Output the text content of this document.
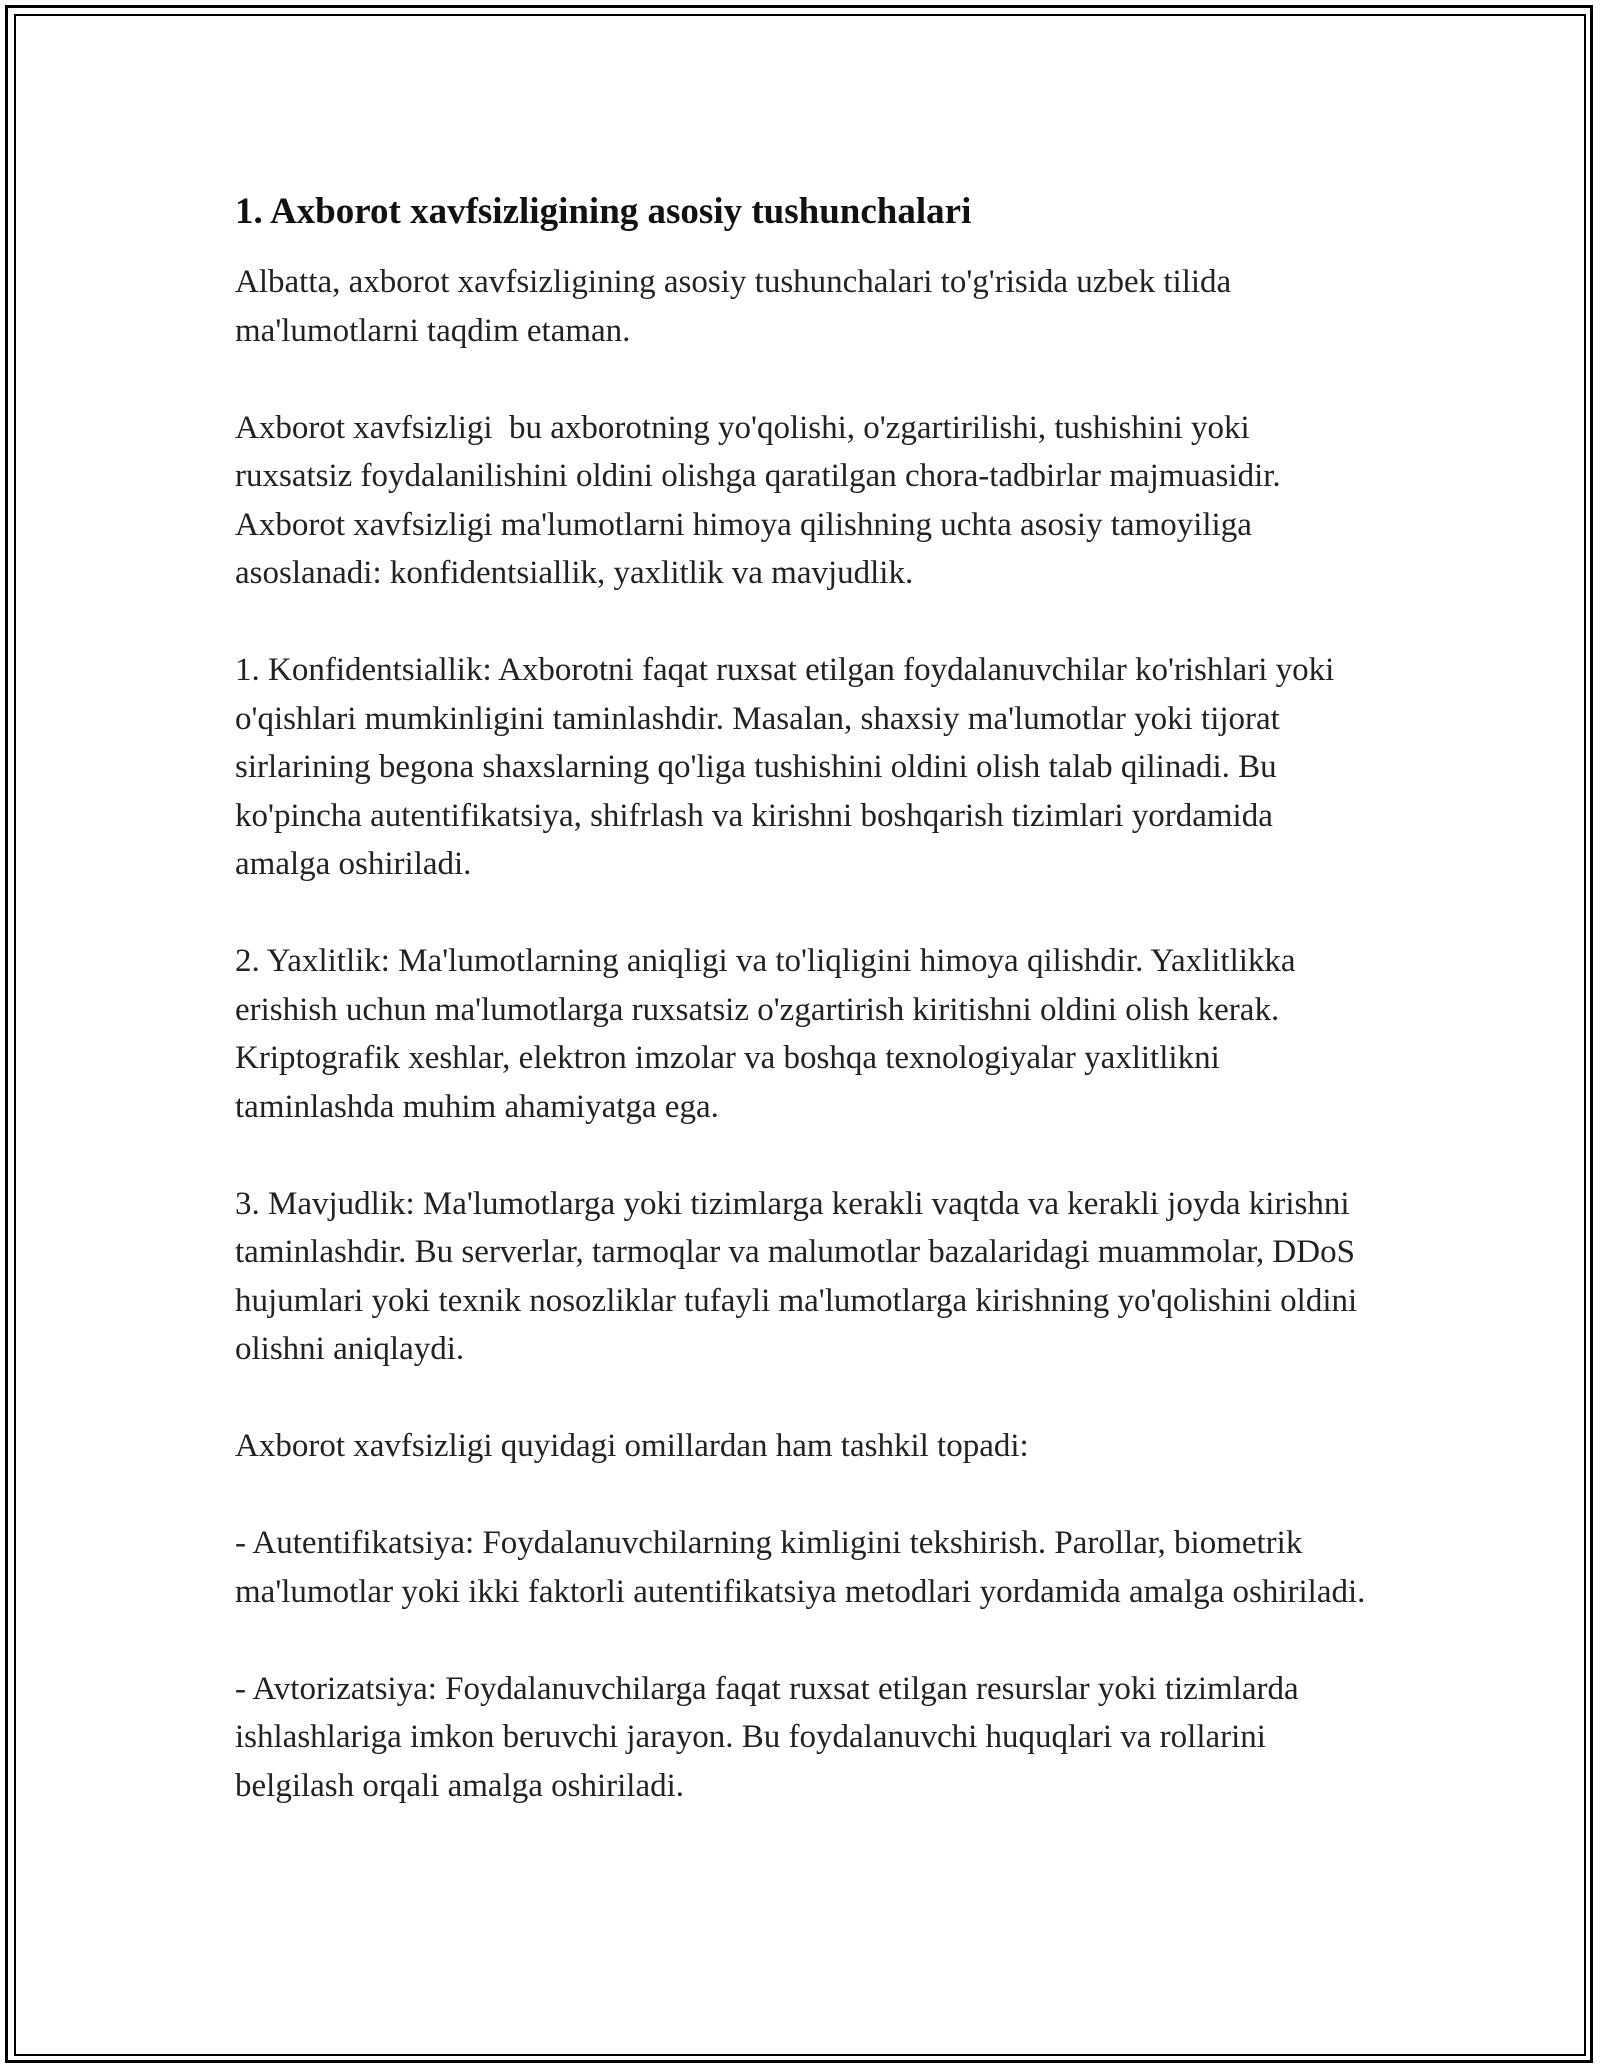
1. Axborot xavfsizligining asosiy tushunchalari

Albatta, axborot xavfsizligining asosiy tushunchalari to'g'risida uzbek tilida ma'lumotlarni taqdim etaman.

Axborot xavfsizligi  bu axborotning yo'qolishi, o'zgartirilishi, tushishini yoki ruxsatsiz foydalanilishini oldini olishga qaratilgan chora-tadbirlar majmuasidir. Axborot xavfsizligi ma'lumotlarni himoya qilishning uchta asosiy tamoyiliga asoslanadi: konfidentsiallik, yaxlitlik va mavjudlik.

1. Konfidentsiallik: Axborotni faqat ruxsat etilgan foydalanuvchilar ko'rishlari yoki o'qishlari mumkinligini taminlashdir. Masalan, shaxsiy ma'lumotlar yoki tijorat sirlarining begona shaxslarning qo'liga tushishini oldini olish talab qilinadi. Bu ko'pincha autentifikatsiya, shifrlash va kirishni boshqarish tizimlari yordamida amalga oshiriladi.

2. Yaxlitlik: Ma'lumotlarning aniqligi va to'liqligini himoya qilishdir. Yaxlitlikka erishish uchun ma'lumotlarga ruxsatsiz o'zgartirish kiritishni oldini olish kerak. Kriptografik xeshlar, elektron imzolar va boshqa texnologiyalar yaxlitlikni taminlashda muhim ahamiyatga ega.

3. Mavjudlik: Ma'lumotlarga yoki tizimlarga kerakli vaqtda va kerakli joyda kirishni taminlashdir. Bu serverlar, tarmoqlar va malumotlar bazalaridagi muammolar, DDoS hujumlari yoki texnik nosozliklar tufayli ma'lumotlarga kirishning yo'qolishini oldini olishni aniqlaydi.

Axborot xavfsizligi quyidagi omillardan ham tashkil topadi:

- Autentifikatsiya: Foydalanuvchilarning kimligini tekshirish. Parollar, biometrik ma'lumotlar yoki ikki faktorli autentifikatsiya metodlari yordamida amalga oshiriladi.

- Avtorizatsiya: Foydalanuvchilarga faqat ruxsat etilgan resurslar yoki tizimlarda ishlashlariga imkon beruvchi jarayon. Bu foydalanuvchi huquqlari va rollarini belgilash orqali amalga oshiriladi.
